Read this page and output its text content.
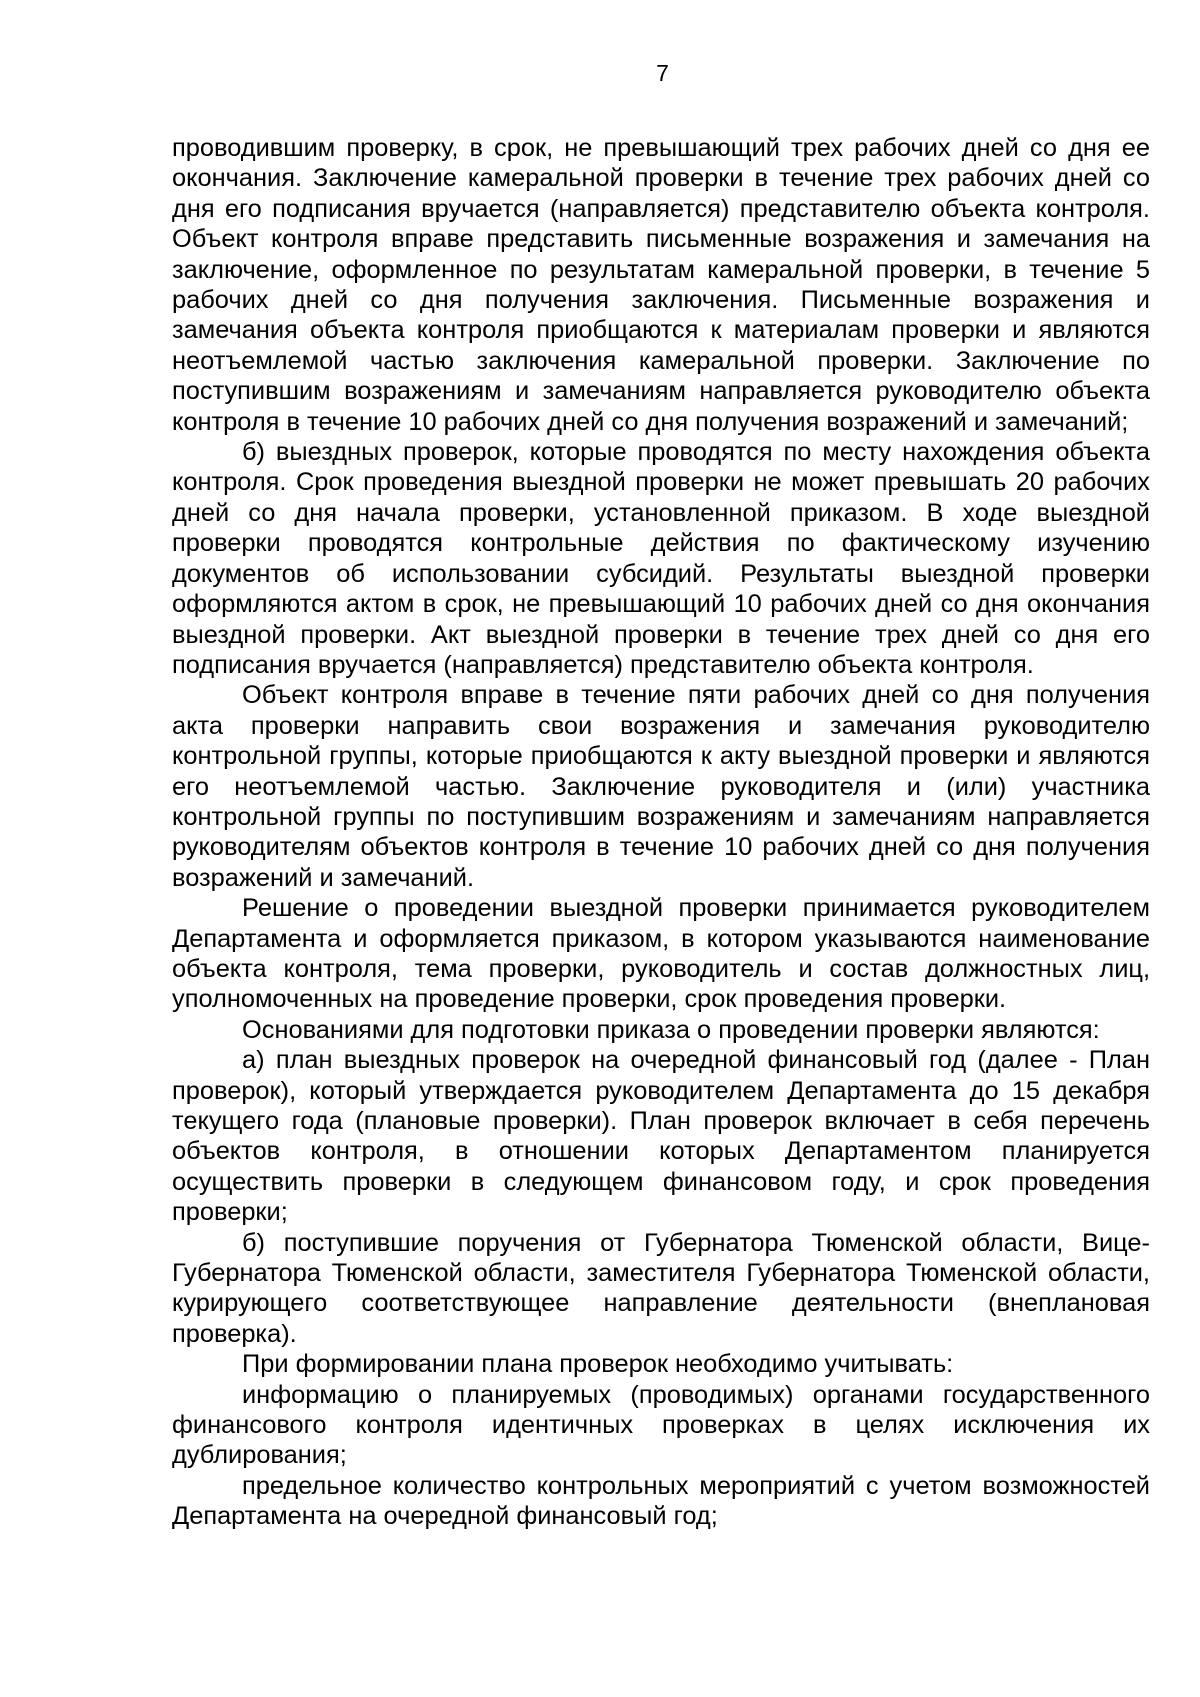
7

проводившим проверку, в срок, не превышающий трех рабочих дней со дня ее окончания. Заключение камеральной проверки в течение трех рабочих дней со дня его подписания вручается (направляется) представителю объекта контроля. Объект контроля вправе представить письменные возражения и замечания на заключение, оформленное по результатам камеральной проверки, в течение 5 рабочих дней со дня получения заключения. Письменные возражения и замечания объекта контроля приобщаются к материалам проверки и являются неотъемлемой частью заключения камеральной проверки. Заключение по поступившим возражениям и замечаниям направляется руководителю объекта контроля в течение 10 рабочих дней со дня получения возражений и замечаний;

б) выездных проверок, которые проводятся по месту нахождения объекта контроля. Срок проведения выездной проверки не может превышать 20 рабочих дней со дня начала проверки, установленной приказом. В ходе выездной проверки проводятся контрольные действия по фактическому изучению документов об использовании субсидий. Результаты выездной проверки оформляются актом в срок, не превышающий 10 рабочих дней со дня окончания выездной проверки. Акт выездной проверки в течение трех дней со дня его подписания вручается (направляется) представителю объекта контроля.

Объект контроля вправе в течение пяти рабочих дней со дня получения акта проверки направить свои возражения и замечания руководителю контрольной группы, которые приобщаются к акту выездной проверки и являются его неотъемлемой частью. Заключение руководителя и (или) участника контрольной группы по поступившим возражениям и замечаниям направляется руководителям объектов контроля в течение 10 рабочих дней со дня получения возражений и замечаний.

Решение о проведении выездной проверки принимается руководителем Департамента и оформляется приказом, в котором указываются наименование объекта контроля, тема проверки, руководитель и состав должностных лиц, уполномоченных на проведение проверки, срок проведения проверки.

Основаниями для подготовки приказа о проведении проверки являются:

а) план выездных проверок на очередной финансовый год (далее - План проверок), который утверждается руководителем Департамента до 15 декабря текущего года (плановые проверки). План проверок включает в себя перечень объектов контроля, в отношении которых Департаментом планируется осуществить проверки в следующем финансовом году, и срок проведения проверки;

б) поступившие поручения от Губернатора Тюменской области, Вице-Губернатора Тюменской области, заместителя Губернатора Тюменской области, курирующего соответствующее направление деятельности (внеплановая проверка).

При формировании плана проверок необходимо учитывать:

информацию о планируемых (проводимых) органами государственного финансового контроля идентичных проверках в целях исключения их дублирования;

предельное количество контрольных мероприятий с учетом возможностей Департамента на очередной финансовый год;
